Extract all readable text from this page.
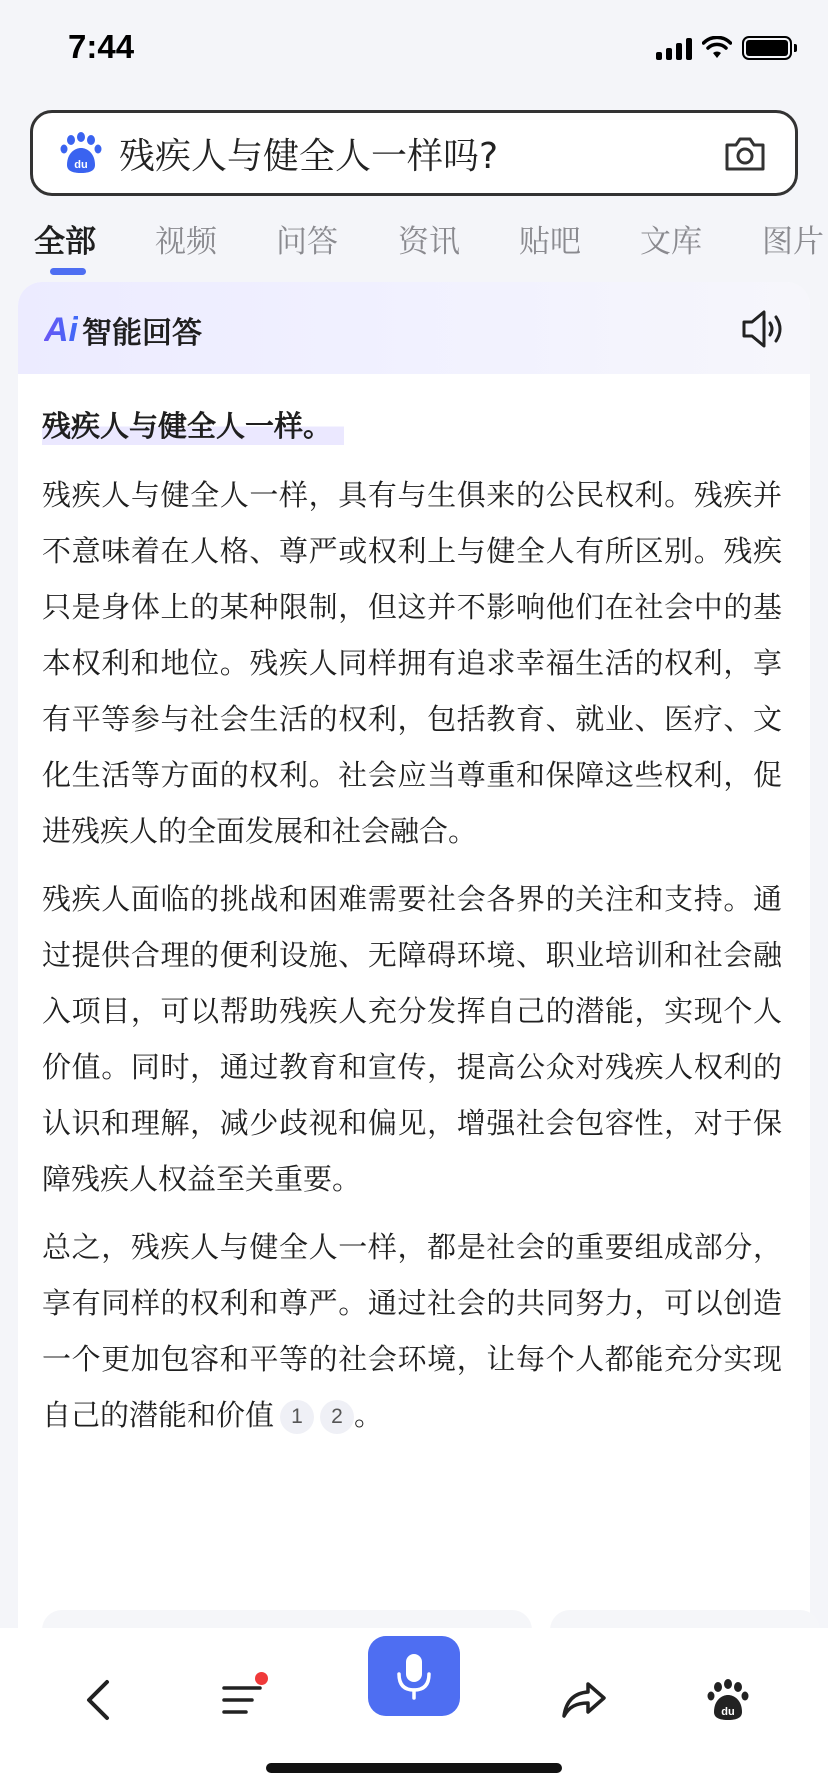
7:44
du 残疾人与健全人一样吗?
全部 视频 问答 资讯 贴吧 文库 图片
Ai 智能回答
残疾人与健全人一样。

残疾人与健全人一样，具有与生俱来的公民权利。残疾并不意味着在人格、尊严或权利上与健全人有所区别。残疾只是身体上的某种限制，但这并不影响他们在社会中的基本权利和地位。残疾人同样拥有追求幸福生活的权利，享有平等参与社会生活的权利，包括教育、就业、医疗、文化生活等方面的权利。社会应当尊重和保障这些权利，促进残疾人的全面发展和社会融合。

残疾人面临的挑战和困难需要社会各界的关注和支持。通过提供合理的便利设施、无障碍环境、职业培训和社会融入项目，可以帮助残疾人充分发挥自己的潜能，实现个人价值。同时，通过教育和宣传，提高公众对残疾人权利的认识和理解，减少歧视和偏见，增强社会包容性，对于保障残疾人权益至关重要。

总之，残疾人与健全人一样，都是社会的重要组成部分，享有同样的权利和尊严。通过社会的共同努力，可以创造一个更加包容和平等的社会环境，让每个人都能充分实现自己的潜能和价值 1 2 。

du
